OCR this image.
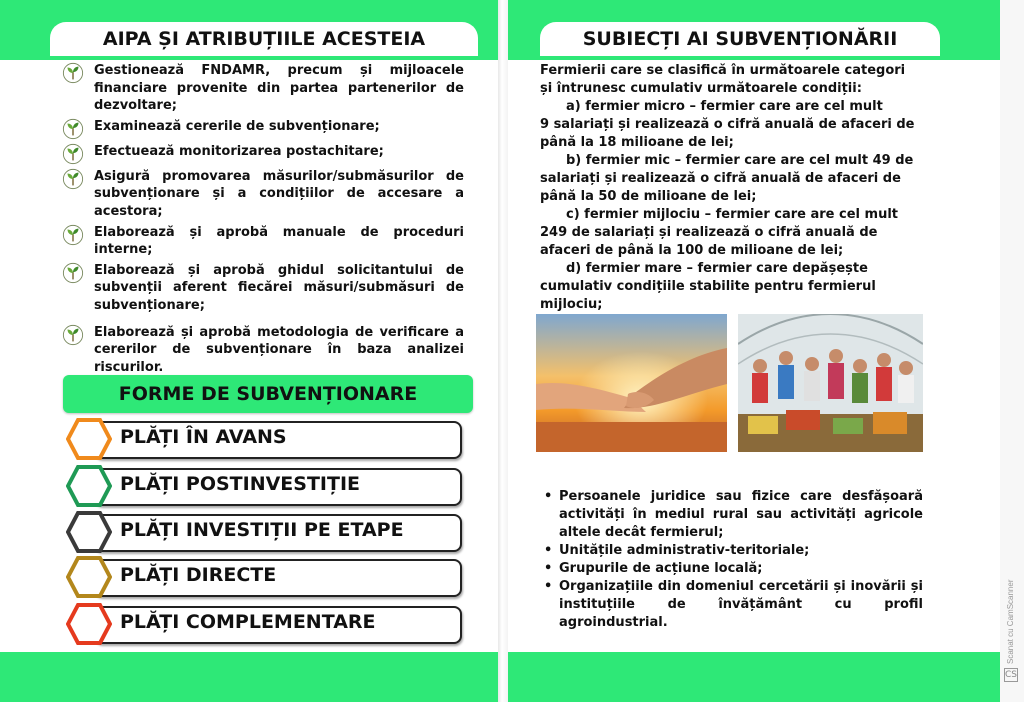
CS
Scanat cu CamScanner
AIPA ȘI ATRIBUȚIILE ACESTEIA
Gestionează FNDAMR, precum și mijloacele financiare provenite din partea partenerilor de dezvoltare;
Examinează cererile de subvenționare;
Efectuează monitorizarea postachitare;
Asigură promovarea măsurilor/submăsurilor de subvenționare și a condițiilor de accesare a acestora;
Elaborează și aprobă manuale de proceduri interne;
Elaborează și aprobă ghidul solicitantului de subvenții aferent fiecărei măsuri/submăsuri de subvenționare;
Elaborează și aprobă metodologia de verificare a cererilor de subvenționare în baza analizei riscurilor.
FORME DE SUBVENȚIONARE
PLĂȚI ÎN AVANS
PLĂȚI POSTINVESTIȚIE
PLĂȚI INVESTIȚII PE ETAPE
PLĂȚI DIRECTE
PLĂȚI COMPLEMENTARE
SUBIECȚI AI SUBVENȚIONĂRII

Fermierii care se clasifică în următoarele categori

și întrunesc cumulativ următoarele condiții:

a) fermier micro – fermier care are cel mult

9 salariați și realizează o cifră anuală de afaceri de

până la 18 milioane de lei;

b) fermier mic – fermier care are cel mult 49 de

salariați și realizează o cifră anuală de afaceri de

până la 50 de milioane de lei;

c) fermier mijlociu – fermier care are cel mult

249 de salariați și realizează o cifră anuală de

afaceri de până la 100 de milioane de lei;

d) fermier mare – fermier care depășește

cumulativ condițiile stabilite pentru fermierul

mijlociu;

• Persoanele juridice sau fizice care desfășoară activități în mediul rural sau activități agricole altele decât fermierul;
• Unitățile administrativ-teritoriale;
• Grupurile de acțiune locală;
• Organizațiile din domeniul cercetării și inovării și instituțiile de învățământ cu profil agroindustrial.
